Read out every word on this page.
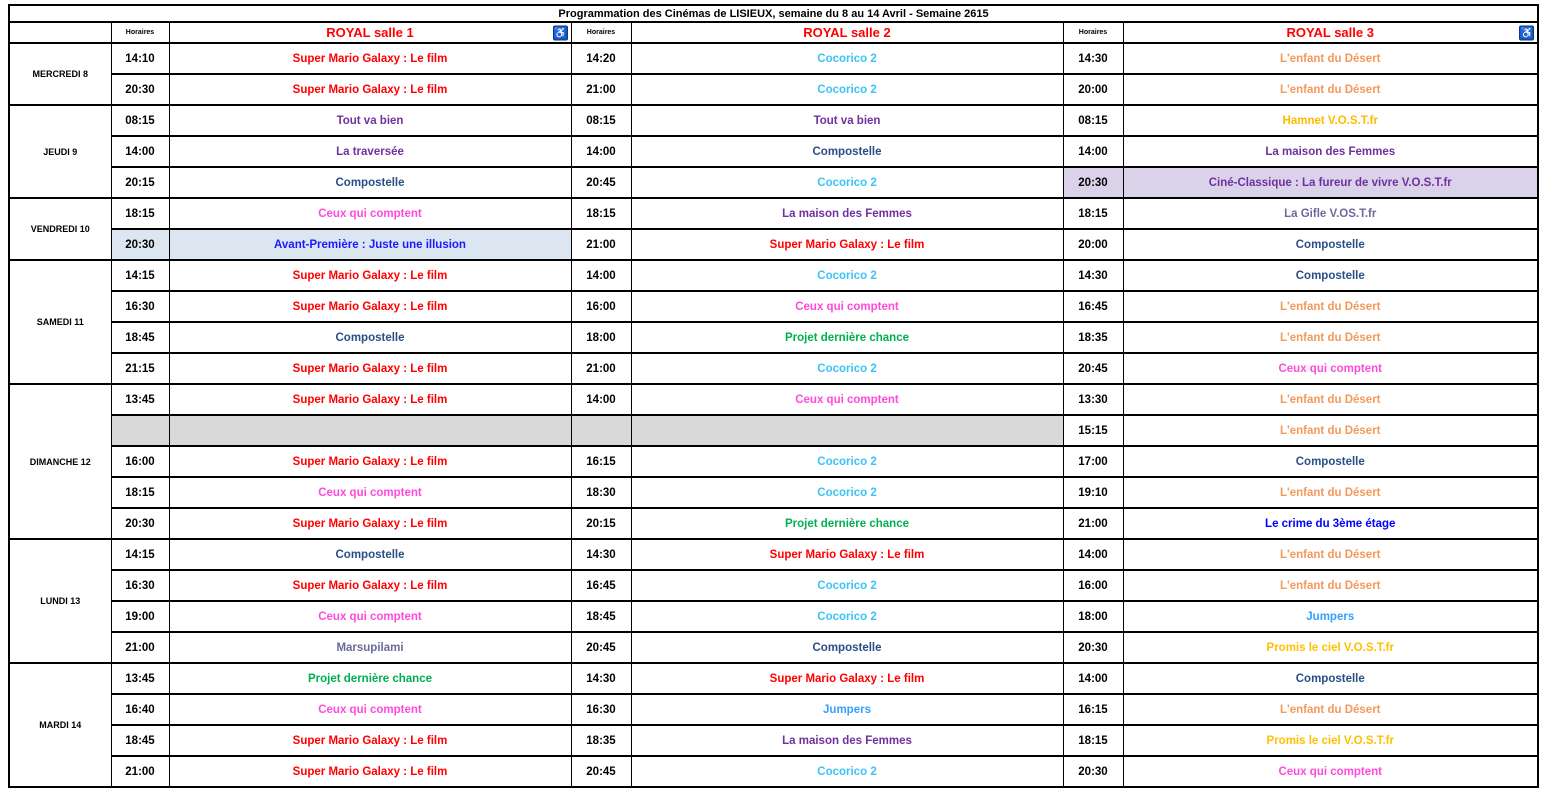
Programmation des Cinémas de LISIEUX, semaine du 8 au 14 Avril - Semaine 2615						
	Horaires	ROYAL salle 1 ♿	Horaires	ROYAL salle 2	Horaires	ROYAL salle 3 ♿

MERCREDI 8	14:10	Super Mario Galaxy : Le film	14:20	Cocorico 2	14:30	L'enfant du Désert
	20:30	Super Mario Galaxy : Le film	21:00	Cocorico 2	20:00	L'enfant du Désert
JEUDI 9	08:15	Tout va bien	08:15	Tout va bien	08:15	Hamnet V.O.S.T.fr
	14:00	La traversée	14:00	Compostelle	14:00	La maison des Femmes
	20:15	Compostelle	20:45	Cocorico 2	20:30	Ciné-Classique : La fureur de vivre V.O.S.T.fr
VENDREDI 10	18:15	Ceux qui comptent	18:15	La maison des Femmes	18:15	La Gifle V.OS.T.fr
	20:30	Avant-Première : Juste une illusion	21:00	Super Mario Galaxy : Le film	20:00	Compostelle
SAMEDI 11	14:15	Super Mario Galaxy : Le film	14:00	Cocorico 2	14:30	Compostelle
	16:30	Super Mario Galaxy : Le film	16:00	Ceux qui comptent	16:45	L'enfant du Désert
	18:45	Compostelle	18:00	Projet dernière chance	18:35	L'enfant du Désert
	21:15	Super Mario Galaxy : Le film	21:00	Cocorico 2	20:45	Ceux qui comptent
DIMANCHE 12	13:45	Super Mario Galaxy : Le film	14:00	Ceux qui comptent	13:30	L'enfant du Désert
					15:15	L'enfant du Désert
	16:00	Super Mario Galaxy : Le film	16:15	Cocorico 2	17:00	Compostelle
	18:15	Ceux qui comptent	18:30	Cocorico 2	19:10	L'enfant du Désert
	20:30	Super Mario Galaxy : Le film	20:15	Projet dernière chance	21:00	Le crime du 3ème étage
LUNDI 13	14:15	Compostelle	14:30	Super Mario Galaxy : Le film	14:00	L'enfant du Désert
	16:30	Super Mario Galaxy : Le film	16:45	Cocorico 2	16:00	L'enfant du Désert
	19:00	Ceux qui comptent	18:45	Cocorico 2	18:00	Jumpers
	21:00	Marsupilami	20:45	Compostelle	20:30	Promis le ciel V.O.S.T.fr
MARDI 14	13:45	Projet dernière chance	14:30	Super Mario Galaxy : Le film	14:00	Compostelle
	16:40	Ceux qui comptent	16:30	Jumpers	16:15	L'enfant du Désert
	18:45	Super Mario Galaxy : Le film	18:35	La maison des Femmes	18:15	Promis le ciel V.O.S.T.fr
	21:00	Super Mario Galaxy : Le film	20:45	Cocorico 2	20:30	Ceux qui comptent
